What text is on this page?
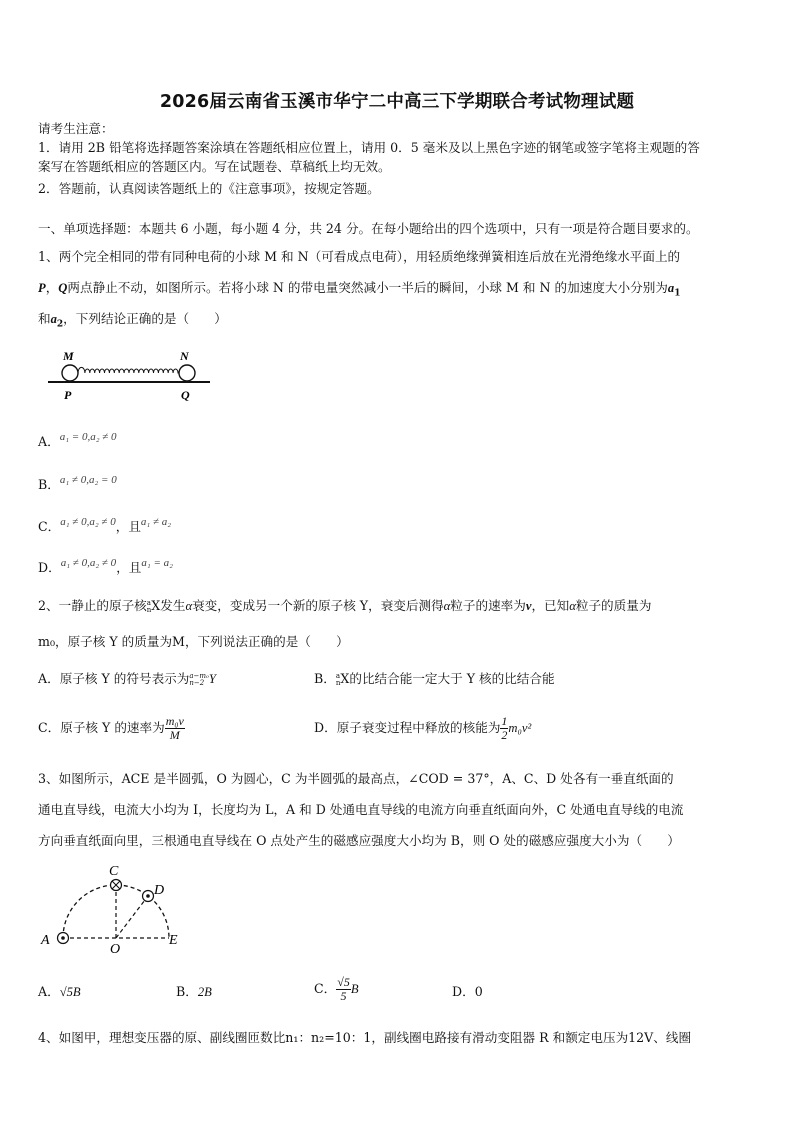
2026届云南省玉溪市华宁二中高三下学期联合考试物理试题
请考生注意：
1．请用 2B 铅笔将选择题答案涂填在答题纸相应位置上，请用 0．5 毫米及以上黑色字迹的钢笔或签字笔将主观题的答
案写在答题纸相应的答题区内。写在试题卷、草稿纸上均无效。
2．答题前，认真阅读答题纸上的《注意事项》，按规定答题。
一、单项选择题：本题共 6 小题，每小题 4 分，共 24 分。在每小题给出的四个选项中，只有一项是符合题目要求的。
1、两个完全相同的带有同种电荷的小球 M 和 N（可看成点电荷），用轻质绝缘弹簧相连后放在光滑绝缘水平面上的
P，Q两点静止不动，如图所示。若将小球 N 的带电量突然减小一半后的瞬间，小球 M 和 N 的加速度大小分别为$a_1$
和$a_2$，下列结论正确的是（　　）
M	N
P	Q
A．a₁ = 0,a₂ ≠ 0
B．a₁ ≠ 0,a₂ = 0
C．a₁ ≠ 0,a₂ ≠ 0，且a₁ ≠ a₂
D．a₁ ≠ 0,a₂ ≠ 0，且a₁ = a₂
2、一静止的原子核 a
n X发生α衰变，变成另一个新的原子核 Y，衰变后测得α粒子的速率为v，已知α粒子的质量为
m₀，原子核 Y 的质量为M，下列说法正确的是（　　）
A．原子核 Y 的符号表示为 a−m₀
n−2 Y	B． a
n X的比结合能一定大于 Y 核的比结合能
C．原子核 Y 的速率为 $\frac{\text{m₀v}}{M}$	D．原子衰变过程中释放的核能为 $\frac{1}{2} m_0v^2$
3、如图所示，ACE 是半圆弧，O 为圆心，C 为半圆弧的最高点，∠COD = 37°，A、C、D 处各有一垂直纸面的
通电直导线，电流大小均为 I，长度均为 L，A 和 D 处通电直导线的电流方向垂直纸面向外，C 处通电直导线的电流
方向垂直纸面向里，三根通电直导线在 O 点处产生的磁感应强度大小均为 B，则 O 处的磁感应强度大小为（　　）
A
C
D
O
E
A．√5B	B．2B	C． $\frac{√5}{5}$ B	D．0
4、如图甲，理想变压器的原、副线圈匝数比n₁：n₂=10：1，副线圈电路接有滑动变阻器 R 和额定电压为12V、线圈
